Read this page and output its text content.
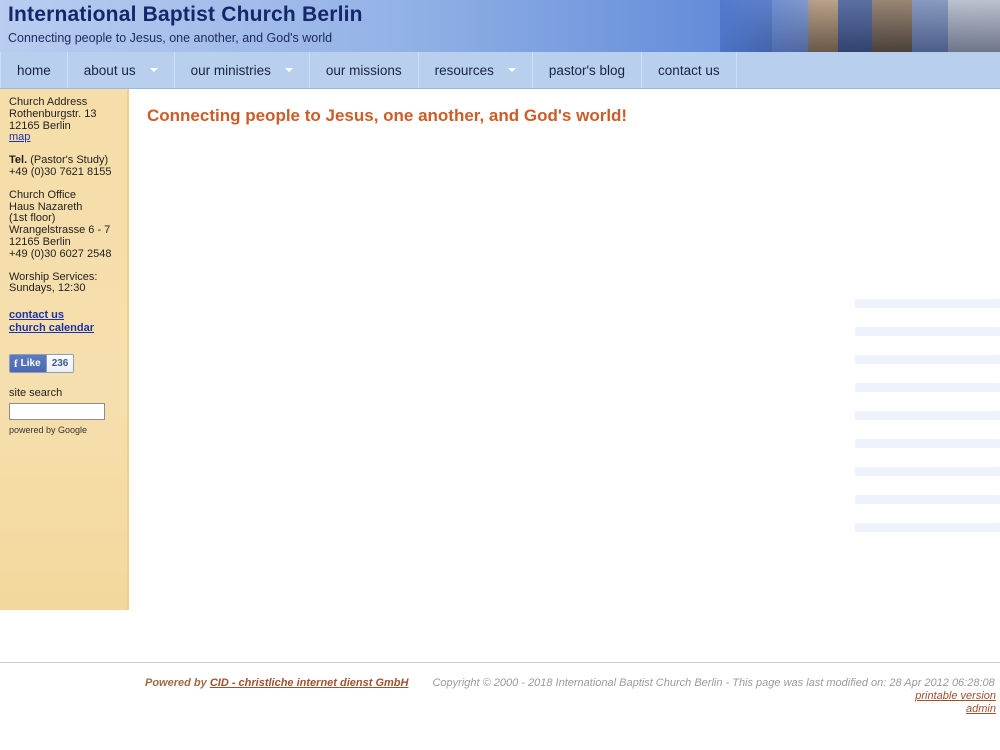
International Baptist Church Berlin
Connecting people to Jesus, one another, and God's world
home about us	our ministries	our missions resources	pastor's blog contact us
Church Address
Rothenburgstr. 13
12165 Berlin
map
Tel. (Pastor's Study)
+49 (0)30 7621 8155
Church Office
Haus Nazareth
(1st floor)
Wrangelstrasse 6 - 7
12165 Berlin
+49 (0)30 6027 2548
Worship Services:
Sundays, 12:30
contact us
church calendar
f Like	236
site search
powered by Google
Connecting people to Jesus, one another, and God's world!
Powered by CID - christliche internet dienst GmbH Copyright © 2000 - 2018 International Baptist Church Berlin - This page was last modified on: 28 Apr 2012 06:28:08
printable version
admin
